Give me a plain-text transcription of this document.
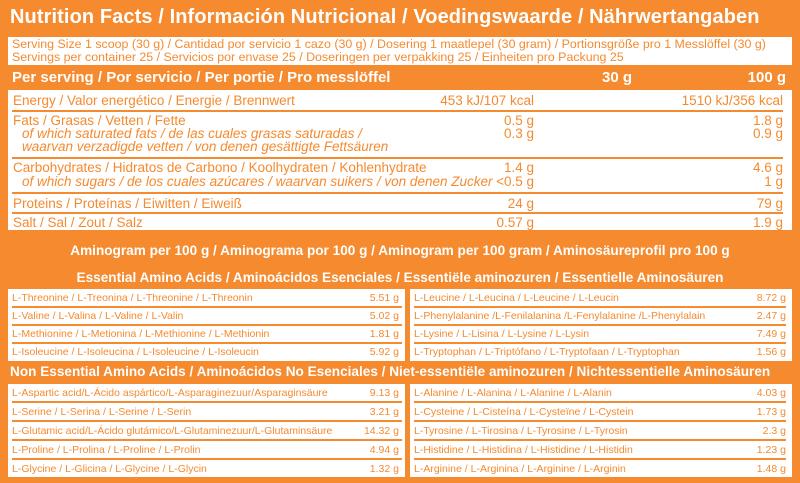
Nutrition Facts / Información Nutricional / Voedingswaarde / Nährwertangaben
Serving Size 1 scoop (30 g) / Cantidad por servicio 1 cazo (30 g) / Dosering 1 maatlepel (30 gram) / Portionsgröße pro 1 Messlöffel (30 g)
Servings per container 25 / Servicios por envase 25 / Doseringen per verpakking 25 / Einheiten pro Packung 25
Per serving / Por servicio / Per portie / Pro messlöffel	30 g	100 g
Energy / Valor energético / Energie / Brennwert	453 kJ/107 kcal	1510 kJ/356 kcal
Fats / Grasas / Vetten / Fette	0.5 g	1.8 g
of which saturated fats / de las cuales grasas saturadas /	0.3 g	0.9 g
waarvan verzadigde vetten / von denen gesättigte Fettsäuren
Carbohydrates / Hidratos de Carbono / Koolhydraten / Kohlenhydrate	1.4 g	4.6 g
of which sugars / de los cuales azúcares / waarvan suikers / von denen Zucker <0.5 g	1 g
Proteins / Proteínas / Eiwitten / Eiweiß	24 g	79 g
Salt / Sal / Zout / Salz	0.57 g	1.9 g
Aminogram per 100 g / Aminograma por 100 g / Aminogram per 100 gram / Aminosäureprofil pro 100 g
Essential Amino Acids / Aminoácidos Esenciales / Essentiële aminozuren / Essentielle Aminosäuren
L-Threonine / L-Treonina / L-Threonine / L-Threonin	5.51 g
L-Valine / L-Valina / L-Valine / L-Valin	5.02 g
L-Methionine / L-Metionina / L-Methionine / L-Methionin	1.81 g
L-Isoleucine / L-Isoleucina / L-Isoleucine / L-Isoleucin	5.92 g
L-Leucine / L-Leucina / L-Leucine / L-Leucin	8.72 g
L-Phenylalanine /L-Fenilalanina /L-Fenylalanine /L-Phenylalain	2.47 g
L-Lysine / L-Lisina / L-Lysine / L-Lysin	7.49 g
L-Tryptophan / L-Triptófano / L-Tryptofaan / L-Tryptophan	1.56 g
Non Essential Amino Acids / Aminoácidos No Esenciales / Niet-essentiële aminozuren / Nichtessentielle Aminosäuren
L-Aspartic acid/L-Ácido aspártico/L-Asparaginezuur/Asparaginsäure	9.13 g
L-Serine / L-Serina / L-Serine / L-Serin	3.21 g
L-Glutamic acid/L-Ácido glutámico/L-Glutaminezuur/L-Glutaminsäure	14.32 g
L-Proline / L-Prolina / L-Proline / L-Prolin	4.94 g
L-Glycine / L-Glicina / L-Glycine / L-Glycin	1.32 g
L-Alanine / L-Alanina / L-Alanine / L-Alanin	4.03 g
L-Cysteine / L-Cisteína / L-Cysteïne / L-Cystein	1.73 g
L-Tyrosine / L-Tirosina / L-Tyrosine / L-Tyrosin	2.3 g
L-Histidine / L-Histidina / L-Histidine / L-Histidin	1.23 g
L-Arginine / L-Arginina / L-Arginine / L-Arginin	1.48 g
